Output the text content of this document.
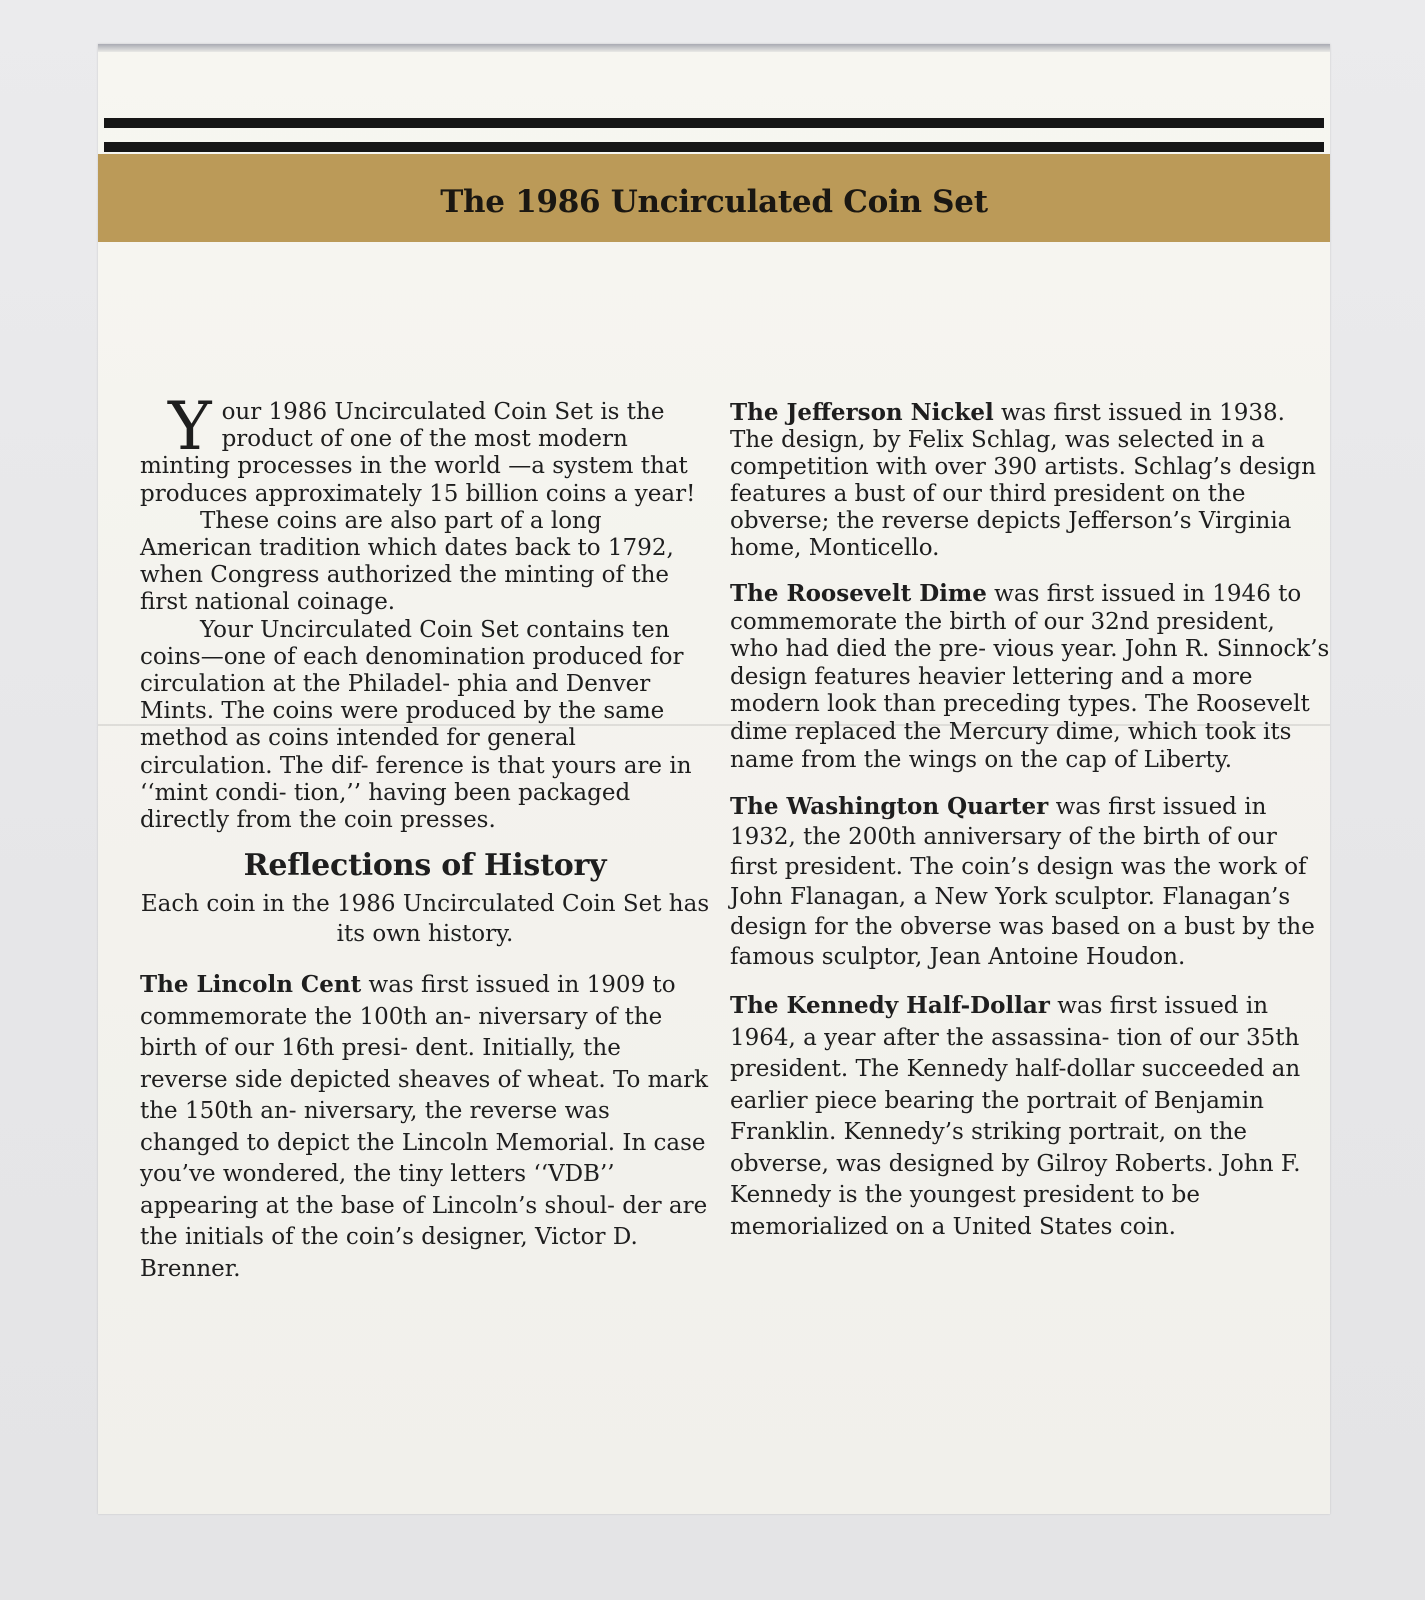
The 1986 Uncirculated Coin Set

Your 1986 Uncirculated Coin Set is the product of one of the most modern minting processes in the world —a system that produces approximately 15 billion coins a year!

These coins are also part of a long American tradition which dates back to 1792, when Congress authorized the minting of the first national coinage.

Your Uncirculated Coin Set contains ten coins—one of each denomination produced for circulation at the Philadel- phia and Denver Mints. The coins were produced by the same method as coins intended for general circulation. The dif- ference is that yours are in ‘‘mint condi- tion,’’ having been packaged directly from the coin presses.

Reflections of History
Each coin in the 1986 Uncirculated Coin Set has its own history.

The Lincoln Cent was first issued in 1909 to commemorate the 100th an- niversary of the birth of our 16th presi- dent. Initially, the reverse side depicted sheaves of wheat. To mark the 150th an- niversary, the reverse was changed to depict the Lincoln Memorial. In case you’ve wondered, the tiny letters ‘‘VDB’’ appearing at the base of Lincoln’s shoul- der are the initials of the coin’s designer, Victor D. Brenner.

The Jefferson Nickel was first issued in 1938. The design, by Felix Schlag, was selected in a competition with over 390 artists. Schlag’s design features a bust of our third president on the obverse; the reverse depicts Jefferson’s Virginia home, Monticello.

The Roosevelt Dime was first issued in 1946 to commemorate the birth of our 32nd president, who had died the pre- vious year. John R. Sinnock’s design features heavier lettering and a more modern look than preceding types. The Roosevelt dime replaced the Mercury dime, which took its name from the wings on the cap of Liberty.

The Washington Quarter was first issued in 1932, the 200th anniversary of the birth of our first president. The coin’s design was the work of John Flanagan, a New York sculptor. Flanagan’s design for the obverse was based on a bust by the famous sculptor, Jean Antoine Houdon.

The Kennedy Half-Dollar was first issued in 1964, a year after the assassina- tion of our 35th president. The Kennedy half-dollar succeeded an earlier piece bearing the portrait of Benjamin Franklin. Kennedy’s striking portrait, on the obverse, was designed by Gilroy Roberts. John F. Kennedy is the youngest president to be memorialized on a United States coin.
